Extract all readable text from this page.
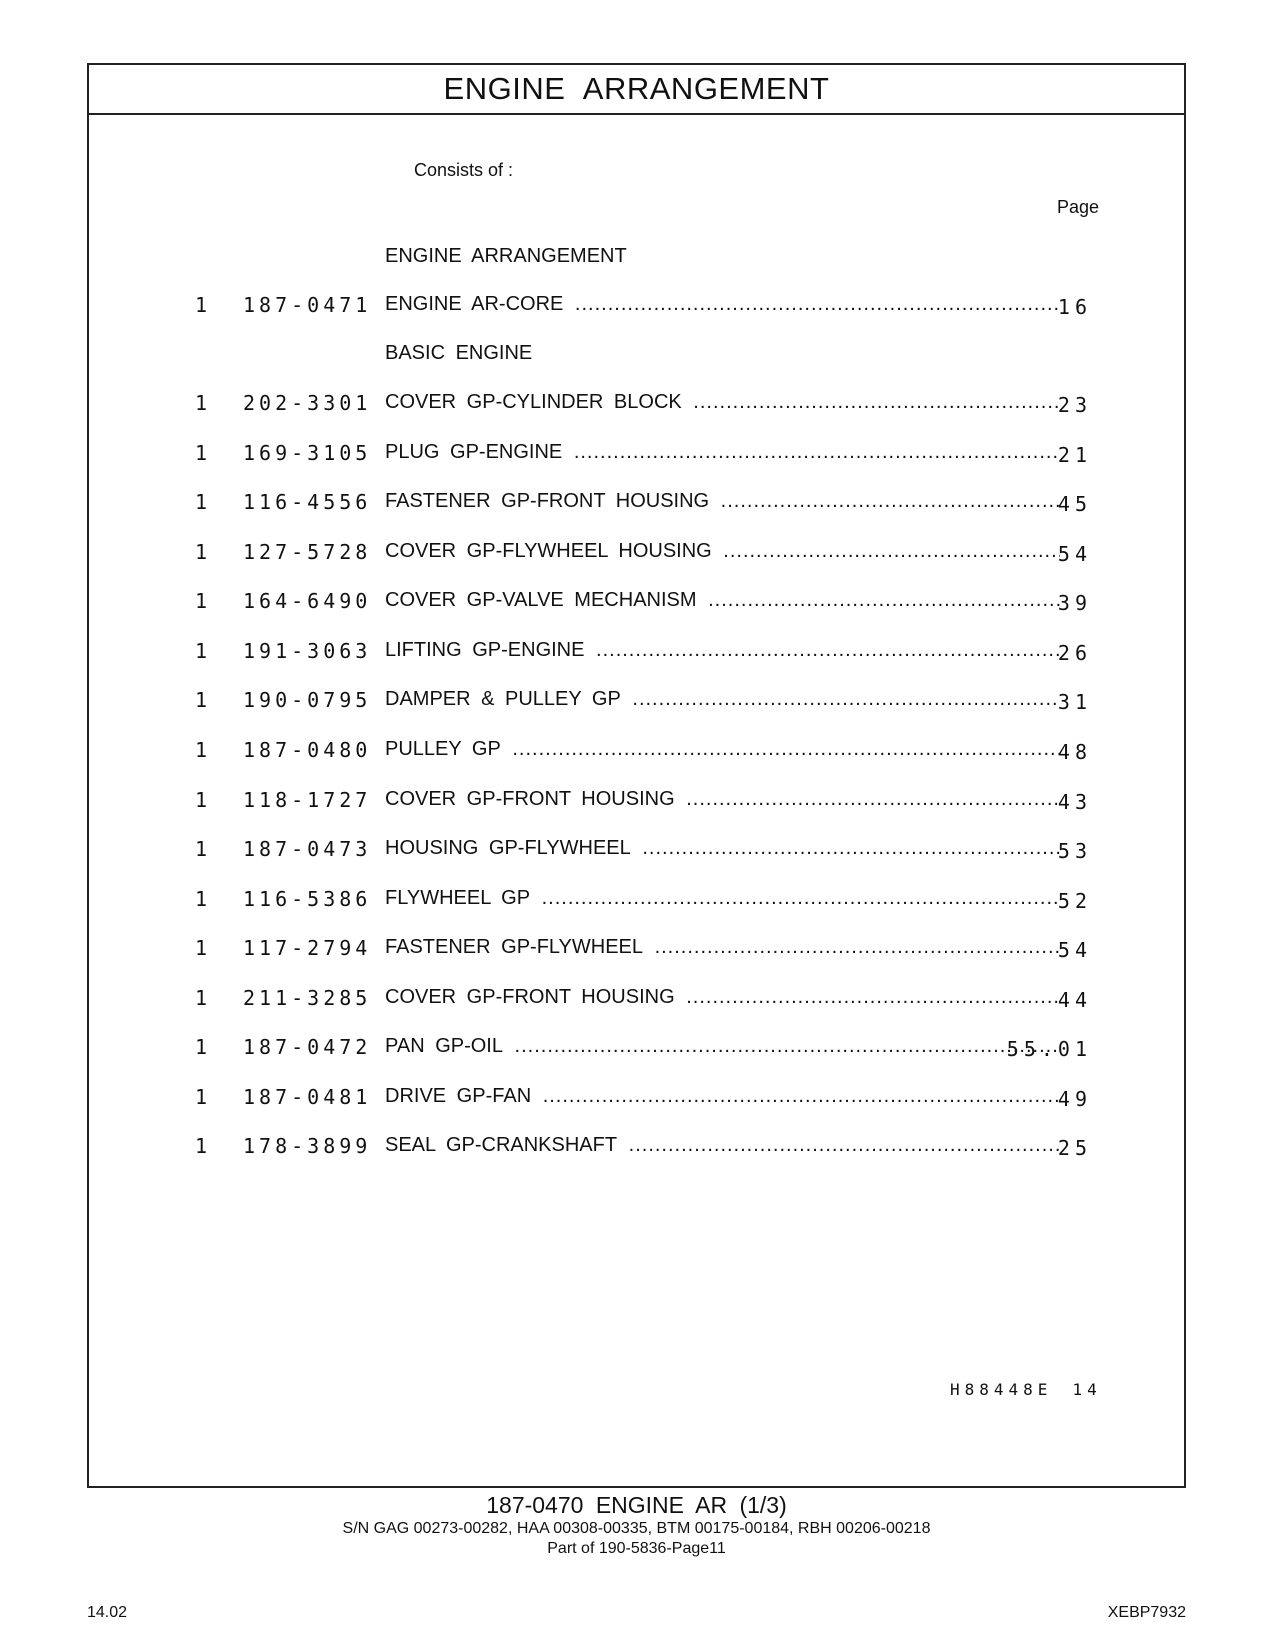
ENGINE ARRANGEMENT
Consists of :
Page
ENGINE ARRANGEMENT
1 187-0471 ENGINE AR-CORE .....	16
BASIC ENGINE
1 202-3301 COVER GP-CYLINDER BLOCK .....	23
1 169-3105 PLUG GP-ENGINE .....	21
1 116-4556 FASTENER GP-FRONT HOUSING .....	45
1 127-5728 COVER GP-FLYWHEEL HOUSING .....	54
1 164-6490 COVER GP-VALVE MECHANISM .....	39
1 191-3063 LIFTING GP-ENGINE .....	26
1 190-0795 DAMPER & PULLEY GP .....	31
1 187-0480 PULLEY GP .....	48
1 118-1727 COVER GP-FRONT HOUSING .....	43
1 187-0473 HOUSING GP-FLYWHEEL .....	53
1 116-5386 FLYWHEEL GP .....	52
1 117-2794 FASTENER GP-FLYWHEEL .....	54
1 211-3285 COVER GP-FRONT HOUSING .....	44
1 187-0472 PAN GP-OIL .....	55.01
1 187-0481 DRIVE GP-FAN .....	49
1 178-3899 SEAL GP-CRANKSHAFT .....	25
H88448E 14
187-0470 ENGINE AR (1/3)
S/N GAG 00273-00282, HAA 00308-00335, BTM 00175-00184, RBH 00206-00218
Part of 190-5836-Page11
14.02	XEBP7932
